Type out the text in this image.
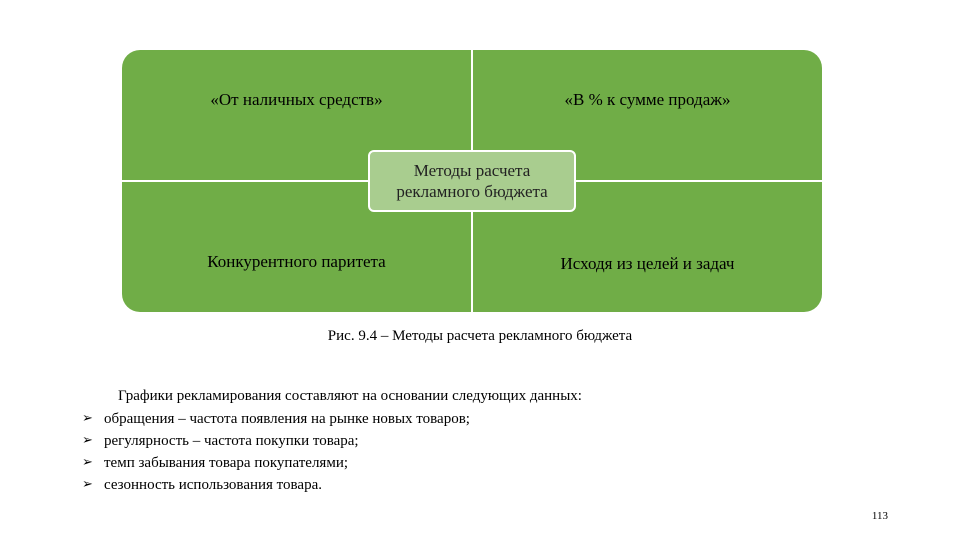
«От наличных средств»	«В % к сумме продаж»
Конкурентного паритета	Исходя из целей и задач
Методы расчета рекламного бюджета
Рис. 9.4 – Методы расчета рекламного бюджета
Графики рекламирования составляют на основании следующих данных:
➢ обращения – частота появления на рынке новых товаров;
➢ регулярность – частота покупки товара;
➢ темп забывания товара покупателями;
➢ сезонность использования товара.
113
